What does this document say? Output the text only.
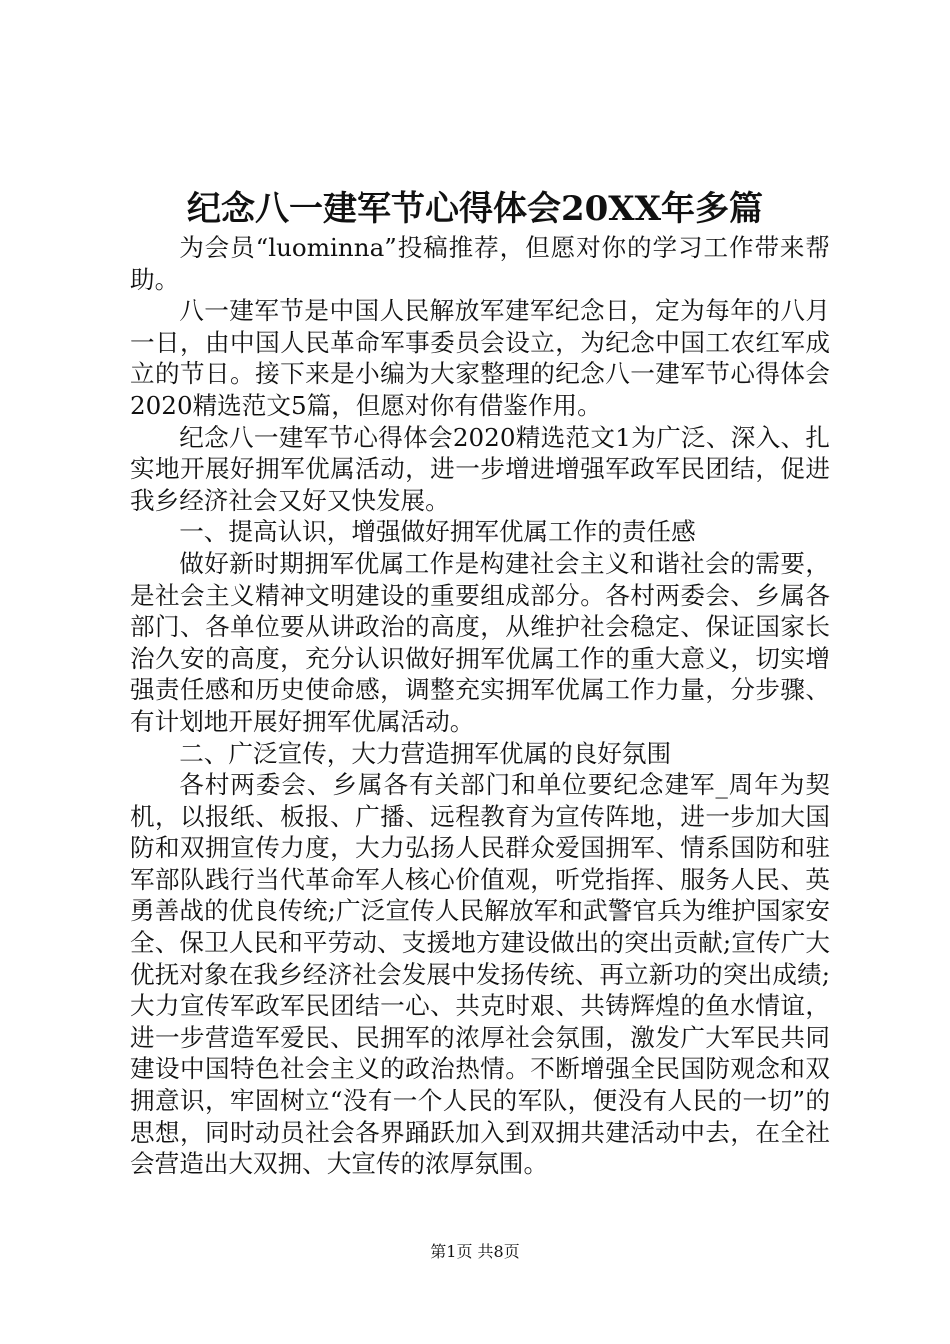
纪念八一建军节心得体会20XX年多篇

为会员“luominna”投稿推荐，但愿对你的学习工作带来帮助。

八一建军节是中国人民解放军建军纪念日，定为每年的八月一日，由中国人民革命军事委员会设立，为纪念中国工农红军成立的节日。接下来是小编为大家整理的纪念八一建军节心得体会2020精选范文5篇，但愿对你有借鉴作用。

纪念八一建军节心得体会2020精选范文1为广泛、深入、扎实地开展好拥军优属活动，进一步增进增强军政军民团结，促进我乡经济社会又好又快发展。

一、提高认识，增强做好拥军优属工作的责任感

做好新时期拥军优属工作是构建社会主义和谐社会的需要，是社会主义精神文明建设的重要组成部分。各村两委会、乡属各部门、各单位要从讲政治的高度，从维护社会稳定、保证国家长治久安的高度，充分认识做好拥军优属工作的重大意义，切实增强责任感和历史使命感，调整充实拥军优属工作力量，分步骤、有计划地开展好拥军优属活动。

二、广泛宣传，大力营造拥军优属的良好氛围

各村两委会、乡属各有关部门和单位要纪念建军_周年为契机，以报纸、板报、广播、远程教育为宣传阵地，进一步加大国防和双拥宣传力度，大力弘扬人民群众爱国拥军、情系国防和驻军部队践行当代革命军人核心价值观，听党指挥、服务人民、英勇善战的优良传统;广泛宣传人民解放军和武警官兵为维护国家安全、保卫人民和平劳动、支援地方建设做出的突出贡献;宣传广大优抚对象在我乡经济社会发展中发扬传统、再立新功的突出成绩;大力宣传军政军民团结一心、共克时艰、共铸辉煌的鱼水情谊，进一步营造军爱民、民拥军的浓厚社会氛围，激发广大军民共同建设中国特色社会主义的政治热情。不断增强全民国防观念和双拥意识，牢固树立“没有一个人民的军队，便没有人民的一切”的思想，同时动员社会各界踊跃加入到双拥共建活动中去，在全社会营造出大双拥、大宣传的浓厚氛围。

第1页 共8页
